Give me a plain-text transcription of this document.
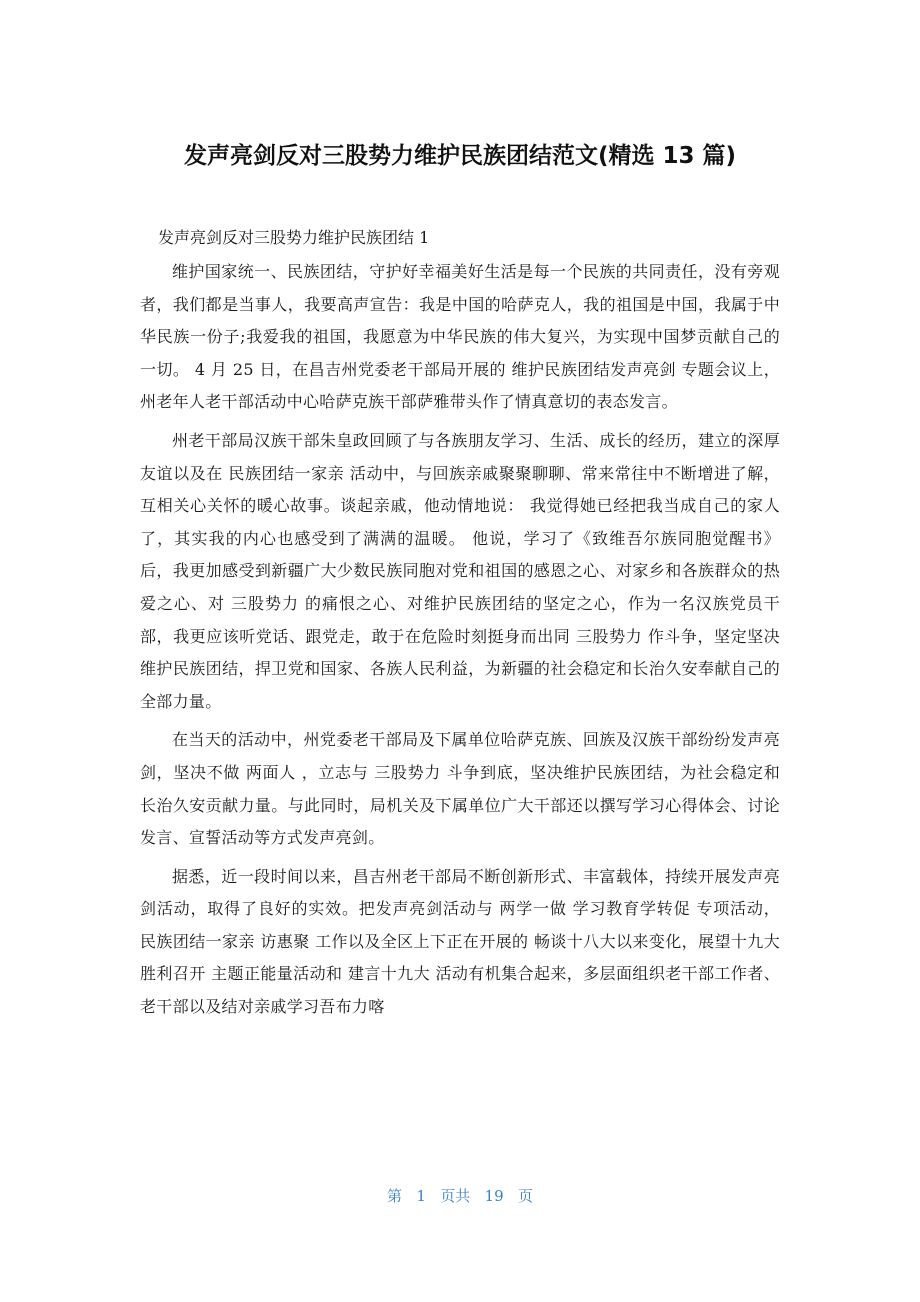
发声亮剑反对三股势力维护民族团结范文(精选 13 篇)

发声亮剑反对三股势力维护民族团结 1

维护国家统一、民族团结，守护好幸福美好生活是每一个民族的共同责任，没有旁观者，我们都是当事人，我要高声宣告：我是中国的哈萨克人，我的祖国是中国，我属于中华民族一份子;我爱我的祖国，我愿意为中华民族的伟大复兴，为实现中国梦贡献自己的一切。 4 月 25 日，在昌吉州党委老干部局开展的 维护民族团结发声亮剑 专题会议上，州老年人老干部活动中心哈萨克族干部萨雅带头作了情真意切的表态发言。

州老干部局汉族干部朱皇政回顾了与各族朋友学习、生活、成长的经历，建立的深厚友谊以及在 民族团结一家亲 活动中，与回族亲戚聚聚聊聊、常来常往中不断增进了解，互相关心关怀的暖心故事。谈起亲戚，他动情地说： 我觉得她已经把我当成自己的家人了，其实我的内心也感受到了满满的温暖。 他说，学习了《致维吾尔族同胞觉醒书》后，我更加感受到新疆广大少数民族同胞对党和祖国的感恩之心、对家乡和各族群众的热爱之心、对 三股势力 的痛恨之心、对维护民族团结的坚定之心，作为一名汉族党员干部，我更应该听党话、跟党走，敢于在危险时刻挺身而出同 三股势力 作斗争，坚定坚决维护民族团结，捍卫党和国家、各族人民利益，为新疆的社会稳定和长治久安奉献自己的全部力量。

在当天的活动中，州党委老干部局及下属单位哈萨克族、回族及汉族干部纷纷发声亮剑，坚决不做 两面人 ，立志与 三股势力 斗争到底，坚决维护民族团结，为社会稳定和长治久安贡献力量。与此同时，局机关及下属单位广大干部还以撰写学习心得体会、讨论发言、宣誓活动等方式发声亮剑。

据悉，近一段时间以来，昌吉州老干部局不断创新形式、丰富载体，持续开展发声亮剑活动，取得了良好的实效。把发声亮剑活动与 两学一做 学习教育学转促 专项活动， 民族团结一家亲 访惠聚 工作以及全区上下正在开展的 畅谈十八大以来变化，展望十九大胜利召开 主题正能量活动和 建言十九大 活动有机集合起来，多层面组织老干部工作者、老干部以及结对亲戚学习吾布力喀

第 1 页共 19 页
